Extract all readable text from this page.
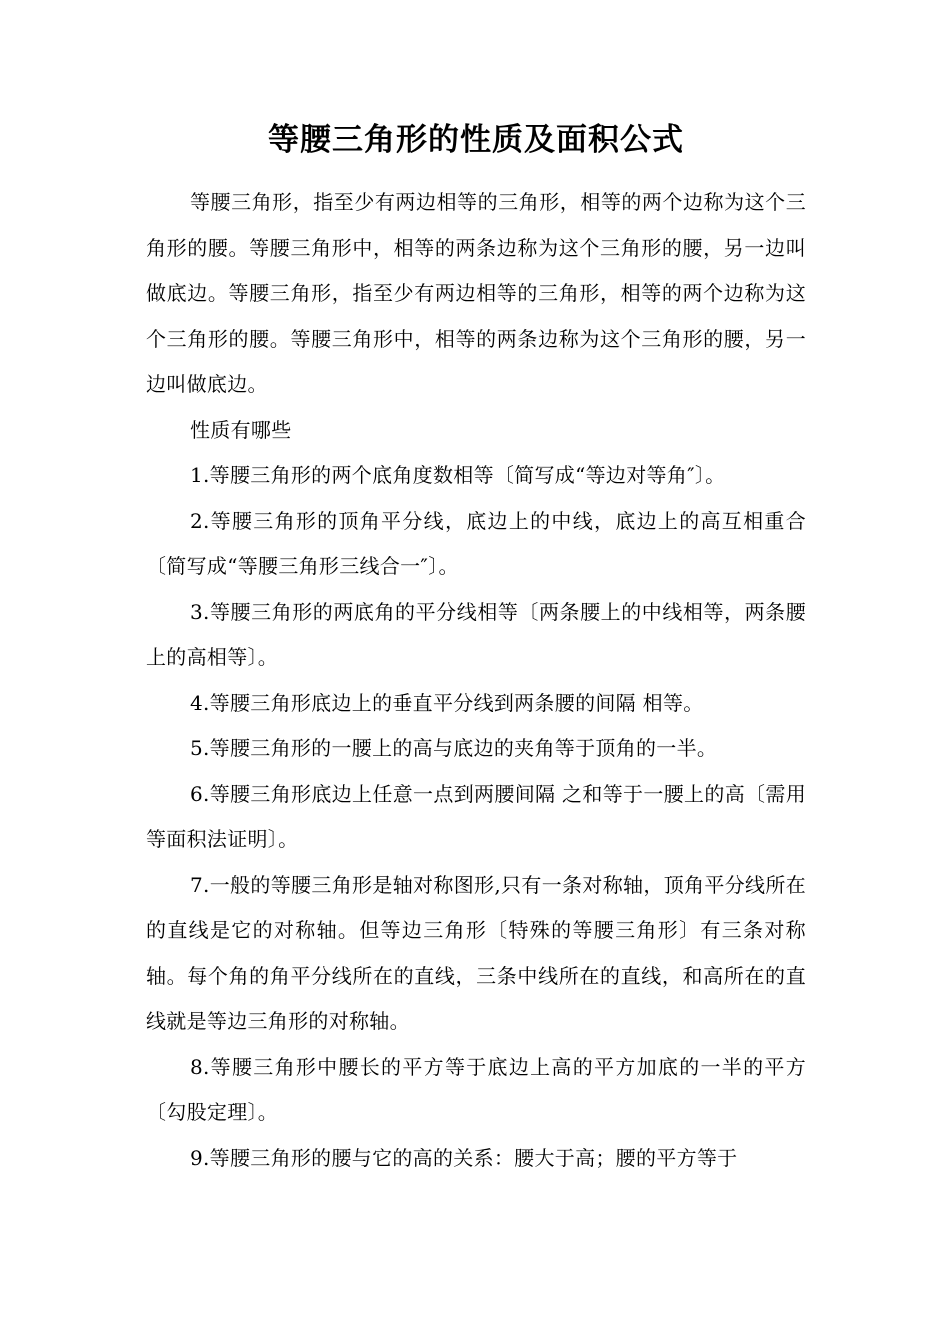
等腰三角形的性质及面积公式

等腰三角形，指至少有两边相等的三角形，相等的两个边称为这个三角形的腰。等腰三角形中，相等的两条边称为这个三角形的腰，另一边叫做底边。等腰三角形，指至少有两边相等的三角形，相等的两个边称为这个三角形的腰。等腰三角形中，相等的两条边称为这个三角形的腰，另一边叫做底边。

性质有哪些

1.等腰三角形的两个底角度数相等〔简写成“等边对等角″〕。

2.等腰三角形的顶角平分线，底边上的中线，底边上的高互相重合〔简写成“等腰三角形三线合一″〕。

3.等腰三角形的两底角的平分线相等〔两条腰上的中线相等，两条腰上的高相等〕。

4.等腰三角形底边上的垂直平分线到两条腰的间隔 相等。

5.等腰三角形的一腰上的高与底边的夹角等于顶角的一半。

6.等腰三角形底边上任意一点到两腰间隔 之和等于一腰上的高〔需用等面积法证明〕。

7.一般的等腰三角形是轴对称图形,只有一条对称轴，顶角平分线所在的直线是它的对称轴。但等边三角形〔特殊的等腰三角形〕有三条对称轴。每个角的角平分线所在的直线，三条中线所在的直线，和高所在的直线就是等边三角形的对称轴。

8.等腰三角形中腰长的平方等于底边上高的平方加底的一半的平方〔勾股定理〕。

9.等腰三角形的腰与它的高的关系：腰大于高；腰的平方等于
